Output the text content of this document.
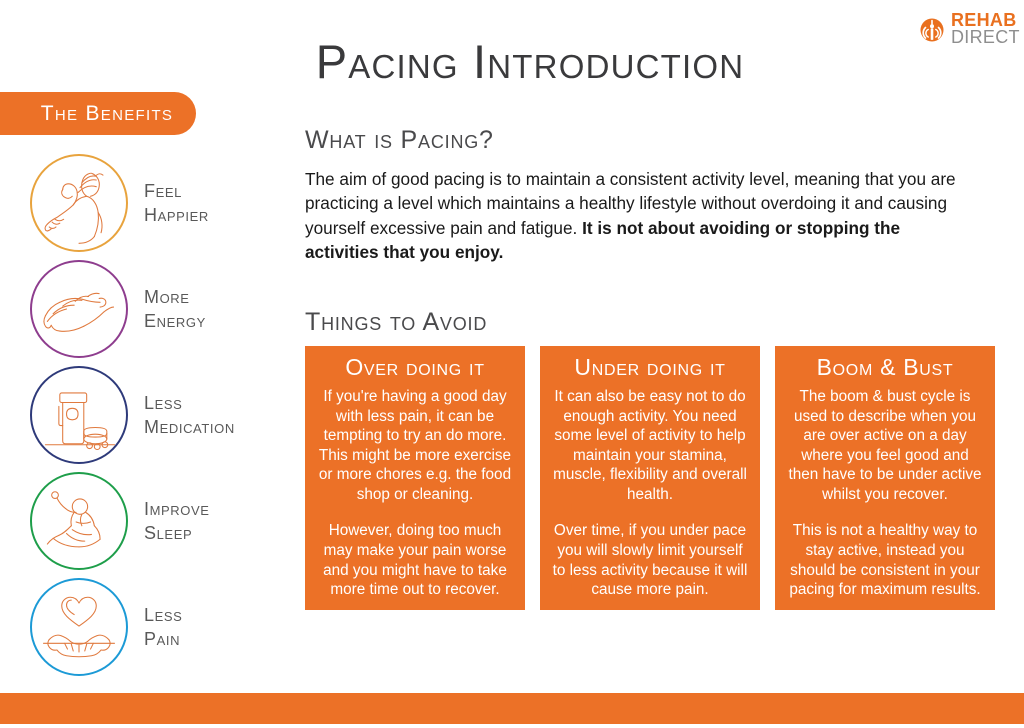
REHAB
DIRECT
Pacing Introduction
The Benefits
Feel
Happier
More
Energy
Less
Medication
Improve
Sleep
Less
Pain
What is Pacing?

The aim of good pacing is to maintain a consistent activity level, meaning that you are practicing a level which maintains a healthy lifestyle without overdoing it and causing yourself excessive pain and fatigue. It is not about avoiding or stopping the activities that you enjoy.

Things to Avoid
Over doing it
If you're having a good day with less pain, it can be tempting to try an do more. This might be more exercise or more chores e.g. the food shop or cleaning.
However, doing too much may make your pain worse and you might have to take more time out to recover.
Under doing it
It can also be easy not to do enough activity. You need some level of activity to help maintain your stamina, muscle, flexibility and overall health.
Over time, if you under pace you will slowly limit yourself to less activity because it will cause more pain.
Boom & Bust
The boom & bust cycle is used to describe when you are over active on a day where you feel good and then have to be under active whilst you recover.
This is not a healthy way to stay active, instead you should be consistent in your pacing for maximum results.
